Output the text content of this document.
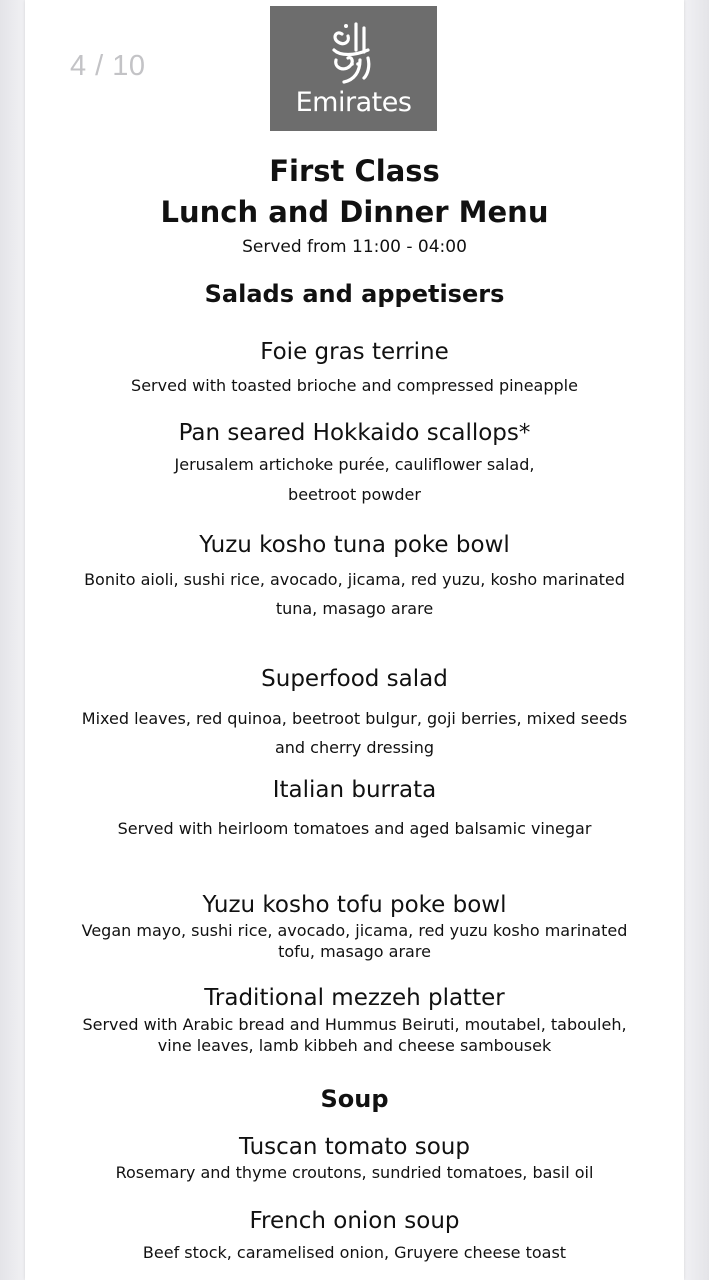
4 / 10
Emirates
First Class
Lunch and Dinner Menu
Served from 11:00 - 04:00
Salads and appetisers
Foie gras terrine
Served with toasted brioche and compressed pineapple
Pan seared Hokkaido scallops*
Jerusalem artichoke purée, cauliflower salad,
beetroot powder
Yuzu kosho tuna poke bowl
Bonito aioli, sushi rice, avocado, jicama, red yuzu, kosho marinated
tuna, masago arare
Superfood salad
Mixed leaves, red quinoa, beetroot bulgur, goji berries, mixed seeds
and cherry dressing
Italian burrata
Served with heirloom tomatoes and aged balsamic vinegar
Yuzu kosho tofu poke bowl
Vegan mayo, sushi rice, avocado, jicama, red yuzu kosho marinated
tofu, masago arare
Traditional mezzeh platter
Served with Arabic bread and Hummus Beiruti, moutabel, tabouleh,
vine leaves, lamb kibbeh and cheese sambousek
Soup
Tuscan tomato soup
Rosemary and thyme croutons, sundried tomatoes, basil oil
French onion soup
Beef stock, caramelised onion, Gruyere cheese toast
